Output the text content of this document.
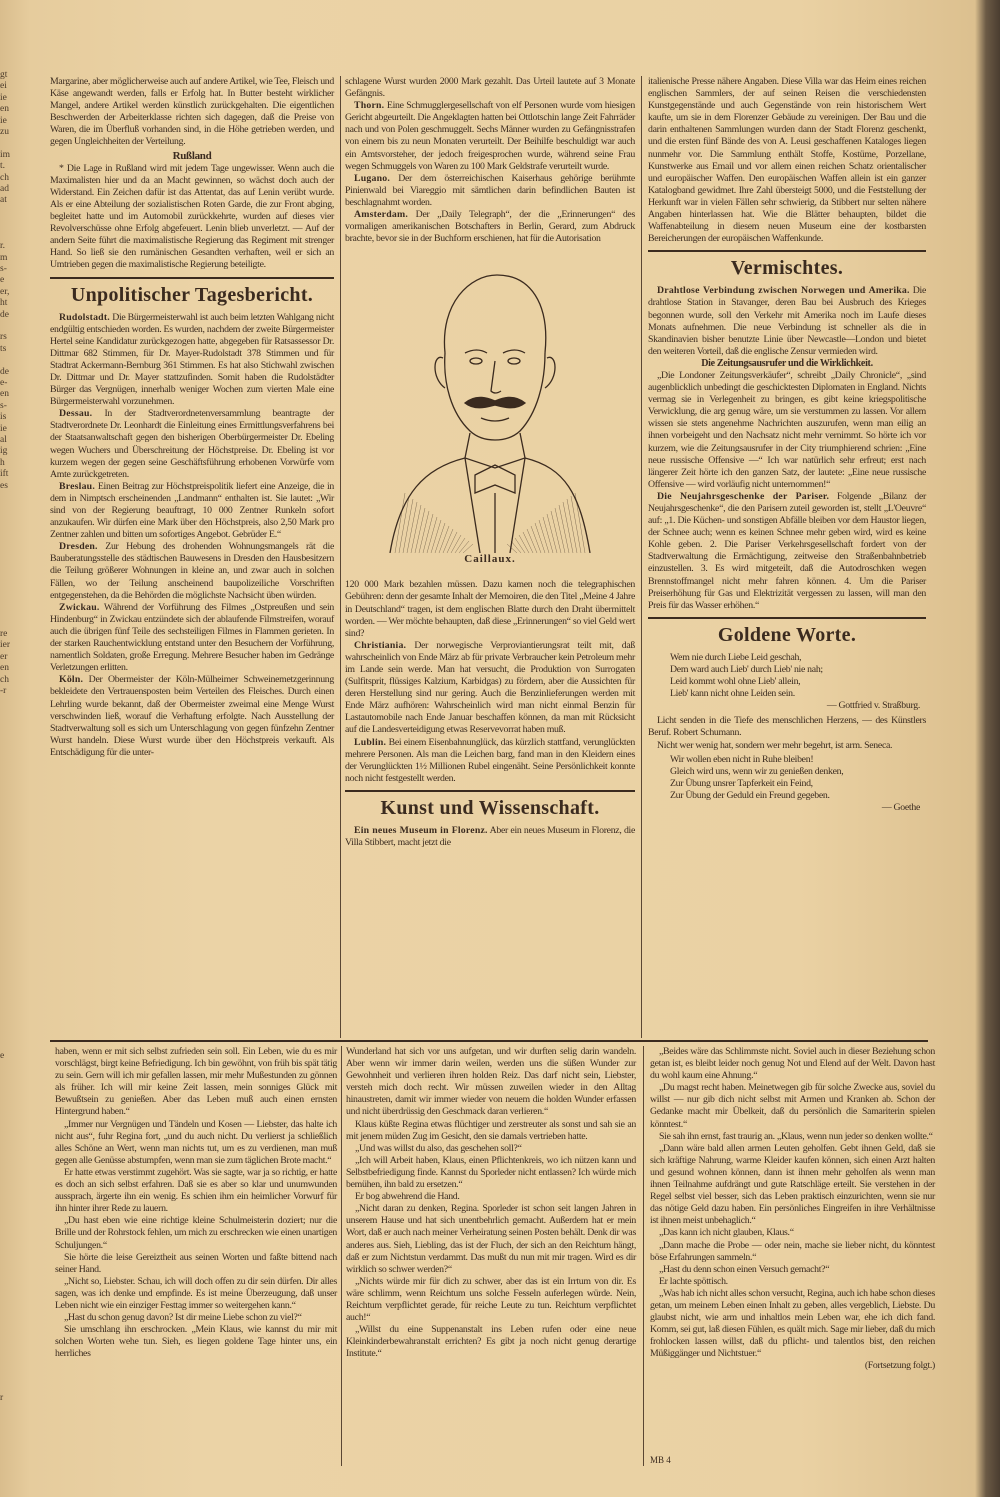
gt
ei
ie
en
ie
zu

im
t.
ch
ad
at

r.
m
s-
e
er,
ht
de

rs
ts

de
e-
en
s-
is
ie
al
ig
h
ift
es

re
ier
er
en
ch
-r

e

r

Margarine, aber möglicherweise auch auf andere Artikel, wie Tee, Fleisch und Käse angewandt werden, falls er Erfolg hat. In Butter besteht wirklicher Mangel, andere Artikel werden künstlich zurückgehalten. Die eigentlichen Beschwerden der Arbeiterklasse richten sich dagegen, daß die Preise von Waren, die im Überfluß vorhanden sind, in die Höhe getrieben werden, und gegen Ungleichheiten der Verteilung.

Rußland

* Die Lage in Rußland wird mit jedem Tage ungewisser. Wenn auch die Maximalisten hier und da an Macht gewinnen, so wächst doch auch der Widerstand. Ein Zeichen dafür ist das Attentat, das auf Lenin verübt wurde. Als er eine Abteilung der sozialistischen Roten Garde, die zur Front abging, begleitet hatte und im Automobil zurückkehrte, wurden auf dieses vier Revolverschüsse ohne Erfolg abgefeuert. Lenin blieb unverletzt. — Auf der andern Seite führt die maximalistische Regierung das Regiment mit strenger Hand. So ließ sie den rumänischen Gesandten verhaften, weil er sich an Umtrieben gegen die maximalistische Regierung beteiligte.

Unpolitischer Tagesbericht.

Rudolstadt. Die Bürgermeisterwahl ist auch beim letzten Wahlgang nicht endgültig entschieden worden. Es wurden, nachdem der zweite Bürgermeister Hertel seine Kandidatur zurückgezogen hatte, abgegeben für Ratsassessor Dr. Dittmar 682 Stimmen, für Dr. Mayer-Rudolstadt 378 Stimmen und für Stadtrat Ackermann-Bernburg 361 Stimmen. Es hat also Stichwahl zwischen Dr. Dittmar und Dr. Mayer stattzufinden. Somit haben die Rudolstädter Bürger das Vergnügen, innerhalb weniger Wochen zum vierten Male eine Bürgermeisterwahl vorzunehmen.

Dessau. In der Stadtverordnetenversammlung beantragte der Stadtverordnete Dr. Leonhardt die Einleitung eines Ermittlungsverfahrens bei der Staatsanwaltschaft gegen den bisherigen Oberbürgermeister Dr. Ebeling wegen Wuchers und Überschreitung der Höchstpreise. Dr. Ebeling ist vor kurzem wegen der gegen seine Geschäftsführung erhobenen Vorwürfe vom Amte zurückgetreten.

Breslau. Einen Beitrag zur Höchstpreispolitik liefert eine Anzeige, die in dem in Nimptsch erscheinenden „Landmann“ enthalten ist. Sie lautet: „Wir sind von der Regierung beauftragt, 10 000 Zentner Runkeln sofort anzukaufen. Wir dürfen eine Mark über den Höchstpreis, also 2,50 Mark pro Zentner zahlen und bitten um sofortiges Angebot. Gebrüder E.“

Dresden. Zur Hebung des drohenden Wohnungsmangels rät die Bauberatungsstelle des städtischen Bauwesens in Dresden den Hausbesitzern die Teilung größerer Wohnungen in kleine an, und zwar auch in solchen Fällen, wo der Teilung anscheinend baupolizeiliche Vorschriften entgegenstehen, da die Behörden die möglichste Nachsicht üben würden.

Zwickau. Während der Vorführung des Filmes „Ostpreußen und sein Hindenburg“ in Zwickau entzündete sich der ablaufende Filmstreifen, worauf auch die übrigen fünf Teile des sechsteiligen Filmes in Flammen gerieten. In der starken Rauchentwicklung entstand unter den Besuchern der Vorführung, namentlich Soldaten, große Erregung. Mehrere Besucher haben im Gedränge Verletzungen erlitten.

Köln. Der Obermeister der Köln-Mülheimer Schweinemetzgerinnung bekleidete den Vertrauensposten beim Verteilen des Fleisches. Durch einen Lehrling wurde bekannt, daß der Obermeister zweimal eine Menge Wurst verschwinden ließ, worauf die Verhaftung erfolgte. Nach Ausstellung der Stadtverwaltung soll es sich um Unterschlagung von gegen fünfzehn Zentner Wurst handeln. Diese Wurst wurde über den Höchstpreis verkauft. Als Entschädigung für die unter-

schlagene Wurst wurden 2000 Mark gezahlt. Das Urteil lautete auf 3 Monate Gefängnis.

Thorn. Eine Schmugglergesellschaft von elf Personen wurde vom hiesigen Gericht abgeurteilt. Die Angeklagten hatten bei Ottlotschin lange Zeit Fahrräder nach und von Polen geschmuggelt. Sechs Männer wurden zu Gefängnisstrafen von einem bis zu neun Monaten verurteilt. Der Beihilfe beschuldigt war auch ein Amtsvorsteher, der jedoch freigesprochen wurde, während seine Frau wegen Schmuggels von Waren zu 100 Mark Geldstrafe verurteilt wurde.

Lugano. Der dem österreichischen Kaiserhaus gehörige berühmte Pinienwald bei Viareggio mit sämtlichen darin befindlichen Bauten ist beschlagnahmt worden.

Amsterdam. Der „Daily Telegraph“, der die „Erinnerungen“ des vormaligen amerikanischen Botschafters in Berlin, Gerard, zum Abdruck brachte, bevor sie in der Buchform erschienen, hat für die Autorisation

Caillaux.

120 000 Mark bezahlen müssen. Dazu kamen noch die telegraphischen Gebühren: denn der gesamte Inhalt der Memoiren, die den Titel „Meine 4 Jahre in Deutschland“ tragen, ist dem englischen Blatte durch den Draht übermittelt worden. — Wer möchte behaupten, daß diese „Erinnerungen“ so viel Geld wert sind?

Christiania. Der norwegische Verproviantierungsrat teilt mit, daß wahrscheinlich von Ende März ab für private Verbraucher kein Petroleum mehr im Lande sein werde. Man hat versucht, die Produktion von Surrogaten (Sulfitsprit, flüssiges Kalzium, Karbidgas) zu fördern, aber die Aussichten für deren Herstellung sind nur gering. Auch die Benzinlieferungen werden mit Ende März aufhören: Wahrscheinlich wird man nicht einmal Benzin für Lastautomobile nach Ende Januar beschaffen können, da man mit Rücksicht auf die Landesverteidigung etwas Reservevorrat haben muß.

Lublin. Bei einem Eisenbahnunglück, das kürzlich stattfand, verunglückten mehrere Personen. Als man die Leichen barg, fand man in den Kleidern eines der Verunglückten 1½ Millionen Rubel eingenäht. Seine Persönlichkeit konnte noch nicht festgestellt werden.

Kunst und Wissenschaft.

Ein neues Museum in Florenz. Aber ein neues Museum in Florenz, die Villa Stibbert, macht jetzt die

italienische Presse nähere Angaben. Diese Villa war das Heim eines reichen englischen Sammlers, der auf seinen Reisen die verschiedensten Kunstgegenstände und auch Gegenstände von rein historischem Wert kaufte, um sie in dem Florenzer Gebäude zu vereinigen. Der Bau und die darin enthaltenen Sammlungen wurden dann der Stadt Florenz geschenkt, und die ersten fünf Bände des von A. Leusi geschaffenen Kataloges liegen nunmehr vor. Die Sammlung enthält Stoffe, Kostüme, Porzellane, Kunstwerke aus Email und vor allem einen reichen Schatz orientalischer und europäischer Waffen. Den europäischen Waffen allein ist ein ganzer Katalogband gewidmet. Ihre Zahl übersteigt 5000, und die Feststellung der Herkunft war in vielen Fällen sehr schwierig, da Stibbert nur selten nähere Angaben hinterlassen hat. Wie die Blätter behaupten, bildet die Waffenabteilung in diesem neuen Museum eine der kostbarsten Bereicherungen der europäischen Waffenkunde.

Vermischtes.

Drahtlose Verbindung zwischen Norwegen und Amerika. Die drahtlose Station in Stavanger, deren Bau bei Ausbruch des Krieges begonnen wurde, soll den Verkehr mit Amerika noch im Laufe dieses Monats aufnehmen. Die neue Verbindung ist schneller als die in Skandinavien bisher benutzte Linie über Newcastle—London und bietet den weiteren Vorteil, daß die englische Zensur vermieden wird.

Die Zeitungsausrufer und die Wirklichkeit.

„Die Londoner Zeitungsverkäufer“, schreibt „Daily Chronicle“, „sind augenblicklich unbedingt die geschicktesten Diplomaten in England. Nichts vermag sie in Verlegenheit zu bringen, es gibt keine kriegspolitische Verwicklung, die arg genug wäre, um sie verstummen zu lassen. Vor allem wissen sie stets angenehme Nachrichten auszurufen, wenn man eilig an ihnen vorbeigeht und den Nachsatz nicht mehr vernimmt. So hörte ich vor kurzem, wie die Zeitungsausrufer in der City triumphierend schrien: „Eine neue russische Offensive —“ Ich war natürlich sehr erfreut; erst nach längerer Zeit hörte ich den ganzen Satz, der lautete: „Eine neue russische Offensive — wird vorläufig nicht unternommen!“

Die Neujahrsgeschenke der Pariser. Folgende „Bilanz der Neujahrsgeschenke“, die den Parisern zuteil geworden ist, stellt „L'Oeuvre“ auf: „1. Die Küchen- und sonstigen Abfälle bleiben vor dem Haustor liegen, der Schnee auch; wenn es keinen Schnee mehr geben wird, wird es keine Kohle geben. 2. Die Pariser Verkehrsgesellschaft fordert von der Stadtverwaltung die Ermächtigung, zeitweise den Straßenbahnbetrieb einzustellen. 3. Es wird mitgeteilt, daß die Autodroschken wegen Brennstoffmangel nicht mehr fahren können. 4. Um die Pariser Preiserhöhung für Gas und Elektrizität vergessen zu lassen, will man den Preis für das Wasser erhöhen.“

Goldene Worte.
Wem nie durch Liebe Leid geschah,
Dem ward auch Lieb' durch Lieb' nie nah;
Leid kommt wohl ohne Lieb' allein,
Lieb' kann nicht ohne Leiden sein.
— Gottfried v. Straßburg.

Licht senden in die Tiefe des menschlichen Herzens, — des Künstlers Beruf. Robert Schumann.

Nicht wer wenig hat, sondern wer mehr begehrt, ist arm. Seneca.

Wir wollen eben nicht in Ruhe bleiben!
Gleich wird uns, wenn wir zu genießen denken,
Zur Übung unsrer Tapferkeit ein Feind,
Zur Übung der Geduld ein Freund gegeben.
— Goethe

haben, wenn er mit sich selbst zufrieden sein soll. Ein Leben, wie du es mir vorschlägst, birgt keine Befriedigung. Ich bin gewöhnt, von früh bis spät tätig zu sein. Gern will ich mir gefallen lassen, mir mehr Mußestunden zu gönnen als früher. Ich will mir keine Zeit lassen, mein sonniges Glück mit Bewußtsein zu genießen. Aber das Leben muß auch einen ernsten Hintergrund haben.“

„Immer nur Vergnügen und Tändeln und Kosen — Liebster, das halte ich nicht aus“, fuhr Regina fort, „und du auch nicht. Du verlierst ja schließlich alles Schöne an Wert, wenn man nichts tut, um es zu verdienen, man muß gegen alle Genüsse abstumpfen, wenn man sie zum täglichen Brote macht.“

Er hatte etwas verstimmt zugehört. Was sie sagte, war ja so richtig, er hatte es doch an sich selbst erfahren. Daß sie es aber so klar und unumwunden aussprach, ärgerte ihn ein wenig. Es schien ihm ein heimlicher Vorwurf für ihn hinter ihrer Rede zu lauern.

„Du hast eben wie eine richtige kleine Schulmeisterin doziert; nur die Brille und der Rohrstock fehlen, um mich zu erschrecken wie einen unartigen Schuljungen.“

Sie hörte die leise Gereiztheit aus seinen Worten und faßte bittend nach seiner Hand.

„Nicht so, Liebster. Schau, ich will doch offen zu dir sein dürfen. Dir alles sagen, was ich denke und empfinde. Es ist meine Überzeugung, daß unser Leben nicht wie ein einziger Festtag immer so weitergehen kann.“

„Hast du schon genug davon? Ist dir meine Liebe schon zu viel?“

Sie umschlang ihn erschrocken. „Mein Klaus, wie kannst du mir mit solchen Worten wehe tun. Sieh, es liegen goldene Tage hinter uns, ein herrliches

Wunderland hat sich vor uns aufgetan, und wir durften selig darin wandeln. Aber wenn wir immer darin weilen, werden uns die süßen Wunder zur Gewohnheit und verlieren ihren holden Reiz. Das darf nicht sein, Liebster, versteh mich doch recht. Wir müssen zuweilen wieder in den Alltag hinaustreten, damit wir immer wieder von neuem die holden Wunder erfassen und nicht überdrüssig den Geschmack daran verlieren.“

Klaus küßte Regina etwas flüchtiger und zerstreuter als sonst und sah sie an mit jenem müden Zug im Gesicht, den sie damals vertrieben hatte.

„Und was willst du also, das geschehen soll?“

„Ich will Arbeit haben, Klaus, einen Pflichtenkreis, wo ich nützen kann und Selbstbefriedigung finde. Kannst du Sporleder nicht entlassen? Ich würde mich bemühen, ihn bald zu ersetzen.“

Er bog abwehrend die Hand.

„Nicht daran zu denken, Regina. Sporleder ist schon seit langen Jahren in unserem Hause und hat sich unentbehrlich gemacht. Außerdem hat er mein Wort, daß er auch nach meiner Verheiratung seinen Posten behält. Denk dir was anderes aus. Sieh, Liebling, das ist der Fluch, der sich an den Reichtum hängt, daß er zum Nichtstun verdammt. Das mußt du nun mit mir tragen. Wird es dir wirklich so schwer werden?“

„Nichts würde mir für dich zu schwer, aber das ist ein Irrtum von dir. Es wäre schlimm, wenn Reichtum uns solche Fesseln auferlegen würde. Nein, Reichtum verpflichtet gerade, für reiche Leute zu tun. Reichtum verpflichtet auch!“

„Willst du eine Suppenanstalt ins Leben rufen oder eine neue Kleinkinderbewahranstalt errichten? Es gibt ja noch nicht genug derartige Institute.“

„Beides wäre das Schlimmste nicht. Soviel auch in dieser Beziehung schon getan ist, es bleibt leider noch genug Not und Elend auf der Welt. Davon hast du wohl kaum eine Ahnung.“

„Du magst recht haben. Meinetwegen gib für solche Zwecke aus, soviel du willst — nur gib dich nicht selbst mit Armen und Kranken ab. Schon der Gedanke macht mir Übelkeit, daß du persönlich die Samariterin spielen könntest.“

Sie sah ihn ernst, fast traurig an. „Klaus, wenn nun jeder so denken wollte.“

„Dann wäre bald allen armen Leuten geholfen. Gebt ihnen Geld, daß sie sich kräftige Nahrung, warme Kleider kaufen können, sich einen Arzt halten und gesund wohnen können, dann ist ihnen mehr geholfen als wenn man ihnen Teilnahme aufdrängt und gute Ratschläge erteilt. Sie verstehen in der Regel selbst viel besser, sich das Leben praktisch einzurichten, wenn sie nur das nötige Geld dazu haben. Ein persönliches Eingreifen in ihre Verhältnisse ist ihnen meist unbehaglich.“

„Das kann ich nicht glauben, Klaus.“

„Dann mache die Probe — oder nein, mache sie lieber nicht, du könntest böse Erfahrungen sammeln.“

„Hast du denn schon einen Versuch gemacht?“

Er lachte spöttisch.

„Was hab ich nicht alles schon versucht, Regina, auch ich habe schon dieses getan, um meinem Leben einen Inhalt zu geben, alles vergeblich, Liebste. Du glaubst nicht, wie arm und inhaltlos mein Leben war, ehe ich dich fand. Komm, sei gut, laß diesen Fühlen, es quält mich. Sage mir lieber, daß du mich frohlocken lassen willst, daß du pflicht- und talentlos bist, den reichen Müßiggänger und Nichtstuer.“

(Fortsetzung folgt.)
MB 4
